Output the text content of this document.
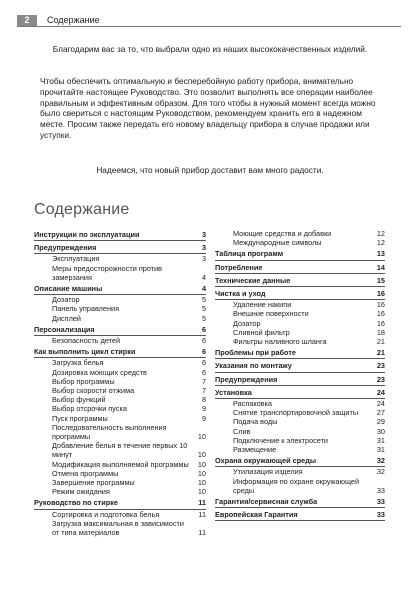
2	Содержание

Благодарим вас за то, что выбрали одно из наших высококачественных изделий.

Чтобы обеспечить оптимальную и бесперебойную работу прибора, внимательно прочитайте настоящее Руководство. Это позволит выполнять все операции наиболее правильным и эффективным образом. Для того чтобы в нужный момент всегда можно было свериться с настоящим Руководством, рекомендуем хранить его в надежном месте. Просим также передать его новому владельцу прибора в случае продажи или уступки.

Надеемся, что новый прибор доставит вам много радости.

Содержание
Инструкции по эксплуатации	3
Предупреждения	3
Эксплуатация	3
Меры предосторожности против замерзания	4
Описание машины	4
Дозатор	5
Панель управления	5
Дисплей	5
Персонализация	6
Безопасность детей	6
Как выполнить цикл стирки	6
Загрузка белья	6
Дозировка моющих средств	6
Выбор программы	7
Выбор скорости отжима	7
Выбор функций	8
Выбор отсрочки пуска	9
Пуск программы	9
Последовательность выполнения программы	10
Добавление белья в течение первых 10 минут	10
Модификация выполняемой программы	10
Отмена программы	10
Завершение программы	10
Режим ожидания	10
Руководство по стирке	11
Сортировка и подготовка белья	11
Загрузка максимальная в зависимости от типа материалов	11
Моющие средства и добавки	12
Международные символы	12
Таблица программ	13
Потребление	14
Технические данные	15
Чистка и уход	16
Удаление накипи	16
Внешние поверхности	16
Дозатор	16
Сливной фильтр	18
Фильтры наливного шланга	21
Проблемы при работе	21
Указания по монтажу	23
Предупреждения	23
Установка	24
Распаковка	24
Снятие транспортировочной защиты	27
Подача воды	29
Слив	30
Подключение к электросети	31
Размещение	31
Охрана окружающей среды	32
Утилизация изделия	32
Информация по охране окружающей среды	33
Гарантия/сервисная служба	33
Европейская Гарантия	33
